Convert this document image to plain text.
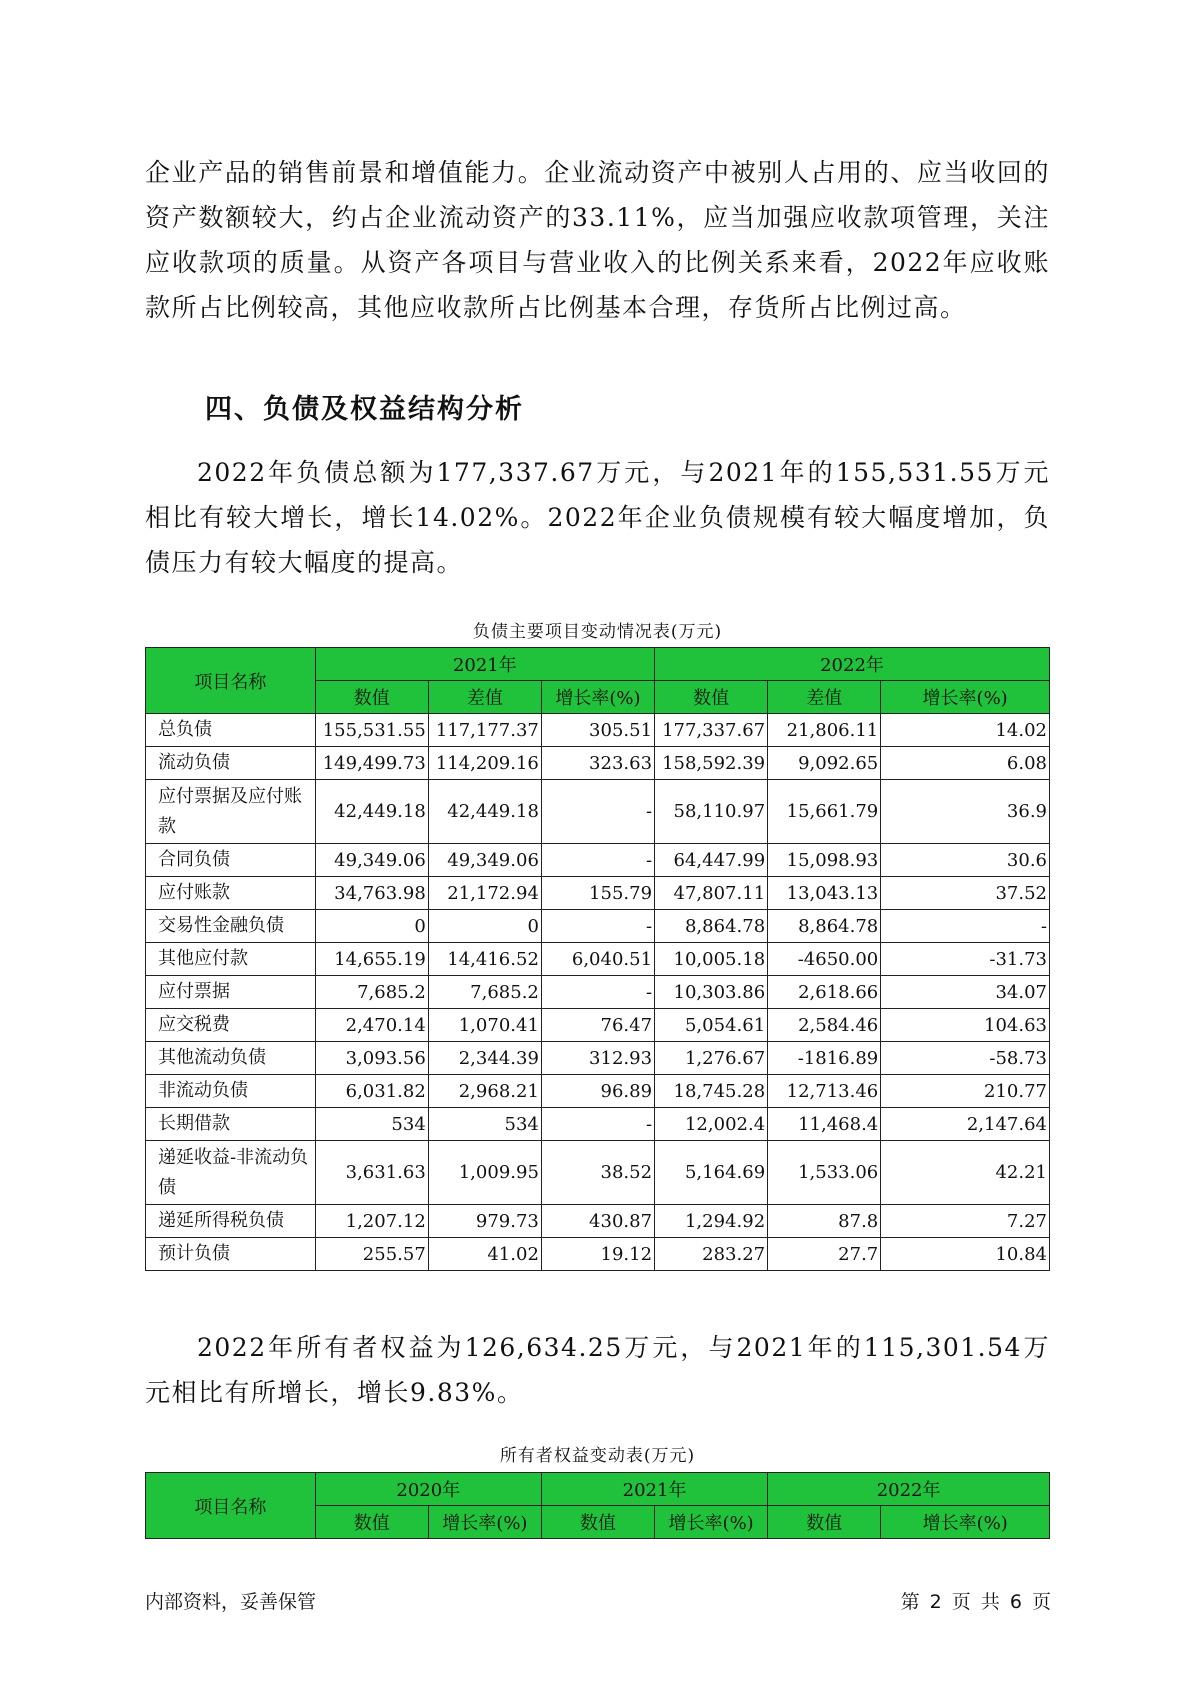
企业产品的销售前景和增值能力。企业流动资产中被别人占用的、应当收回的资产数额较大，约占企业流动资产的33.11%，应当加强应收款项管理，关注应收款项的质量。从资产各项目与营业收入的比例关系来看，2022年应收账款所占比例较高，其他应收款所占比例基本合理，存货所占比例过高。

四、负债及权益结构分析

2022年负债总额为177,337.67万元，与2021年的155,531.55万元相比有较大增长，增长14.02%。2022年企业负债规模有较大幅度增加，负债压力有较大幅度的提高。

负债主要项目变动情况表(万元)
项目名称	2021年			2022年		
	数值	差值	增长率(%)	数值	差值	增长率(%)
总负债	155,531.55	117,177.37	305.51	177,337.67	21,806.11	14.02
流动负债	149,499.73	114,209.16	323.63	158,592.39	9,092.65	6.08
应付票据及应付账款	42,449.18	42,449.18	-	58,110.97	15,661.79	36.9
合同负债	49,349.06	49,349.06	-	64,447.99	15,098.93	30.6
应付账款	34,763.98	21,172.94	155.79	47,807.11	13,043.13	37.52
交易性金融负债	0	0	-	8,864.78	8,864.78	-
其他应付款	14,655.19	14,416.52	6,040.51	10,005.18	-4650.00	-31.73
应付票据	7,685.2	7,685.2	-	10,303.86	2,618.66	34.07
应交税费	2,470.14	1,070.41	76.47	5,054.61	2,584.46	104.63
其他流动负债	3,093.56	2,344.39	312.93	1,276.67	-1816.89	-58.73
非流动负债	6,031.82	2,968.21	96.89	18,745.28	12,713.46	210.77
长期借款	534	534	-	12,002.4	11,468.4	2,147.64
递延收益-非流动负债	3,631.63	1,009.95	38.52	5,164.69	1,533.06	42.21
递延所得税负债	1,207.12	979.73	430.87	1,294.92	87.8	7.27
预计负债	255.57	41.02	19.12	283.27	27.7	10.84

2022年所有者权益为126,634.25万元，与2021年的115,301.54万元相比有所增长，增长9.83%。

所有者权益变动表(万元)
项目名称	2020年		2021年		2022年	
	数值	增长率(%)	数值	增长率(%)	数值	增长率(%)
内部资料，妥善保管	第 2 页 共 6 页
